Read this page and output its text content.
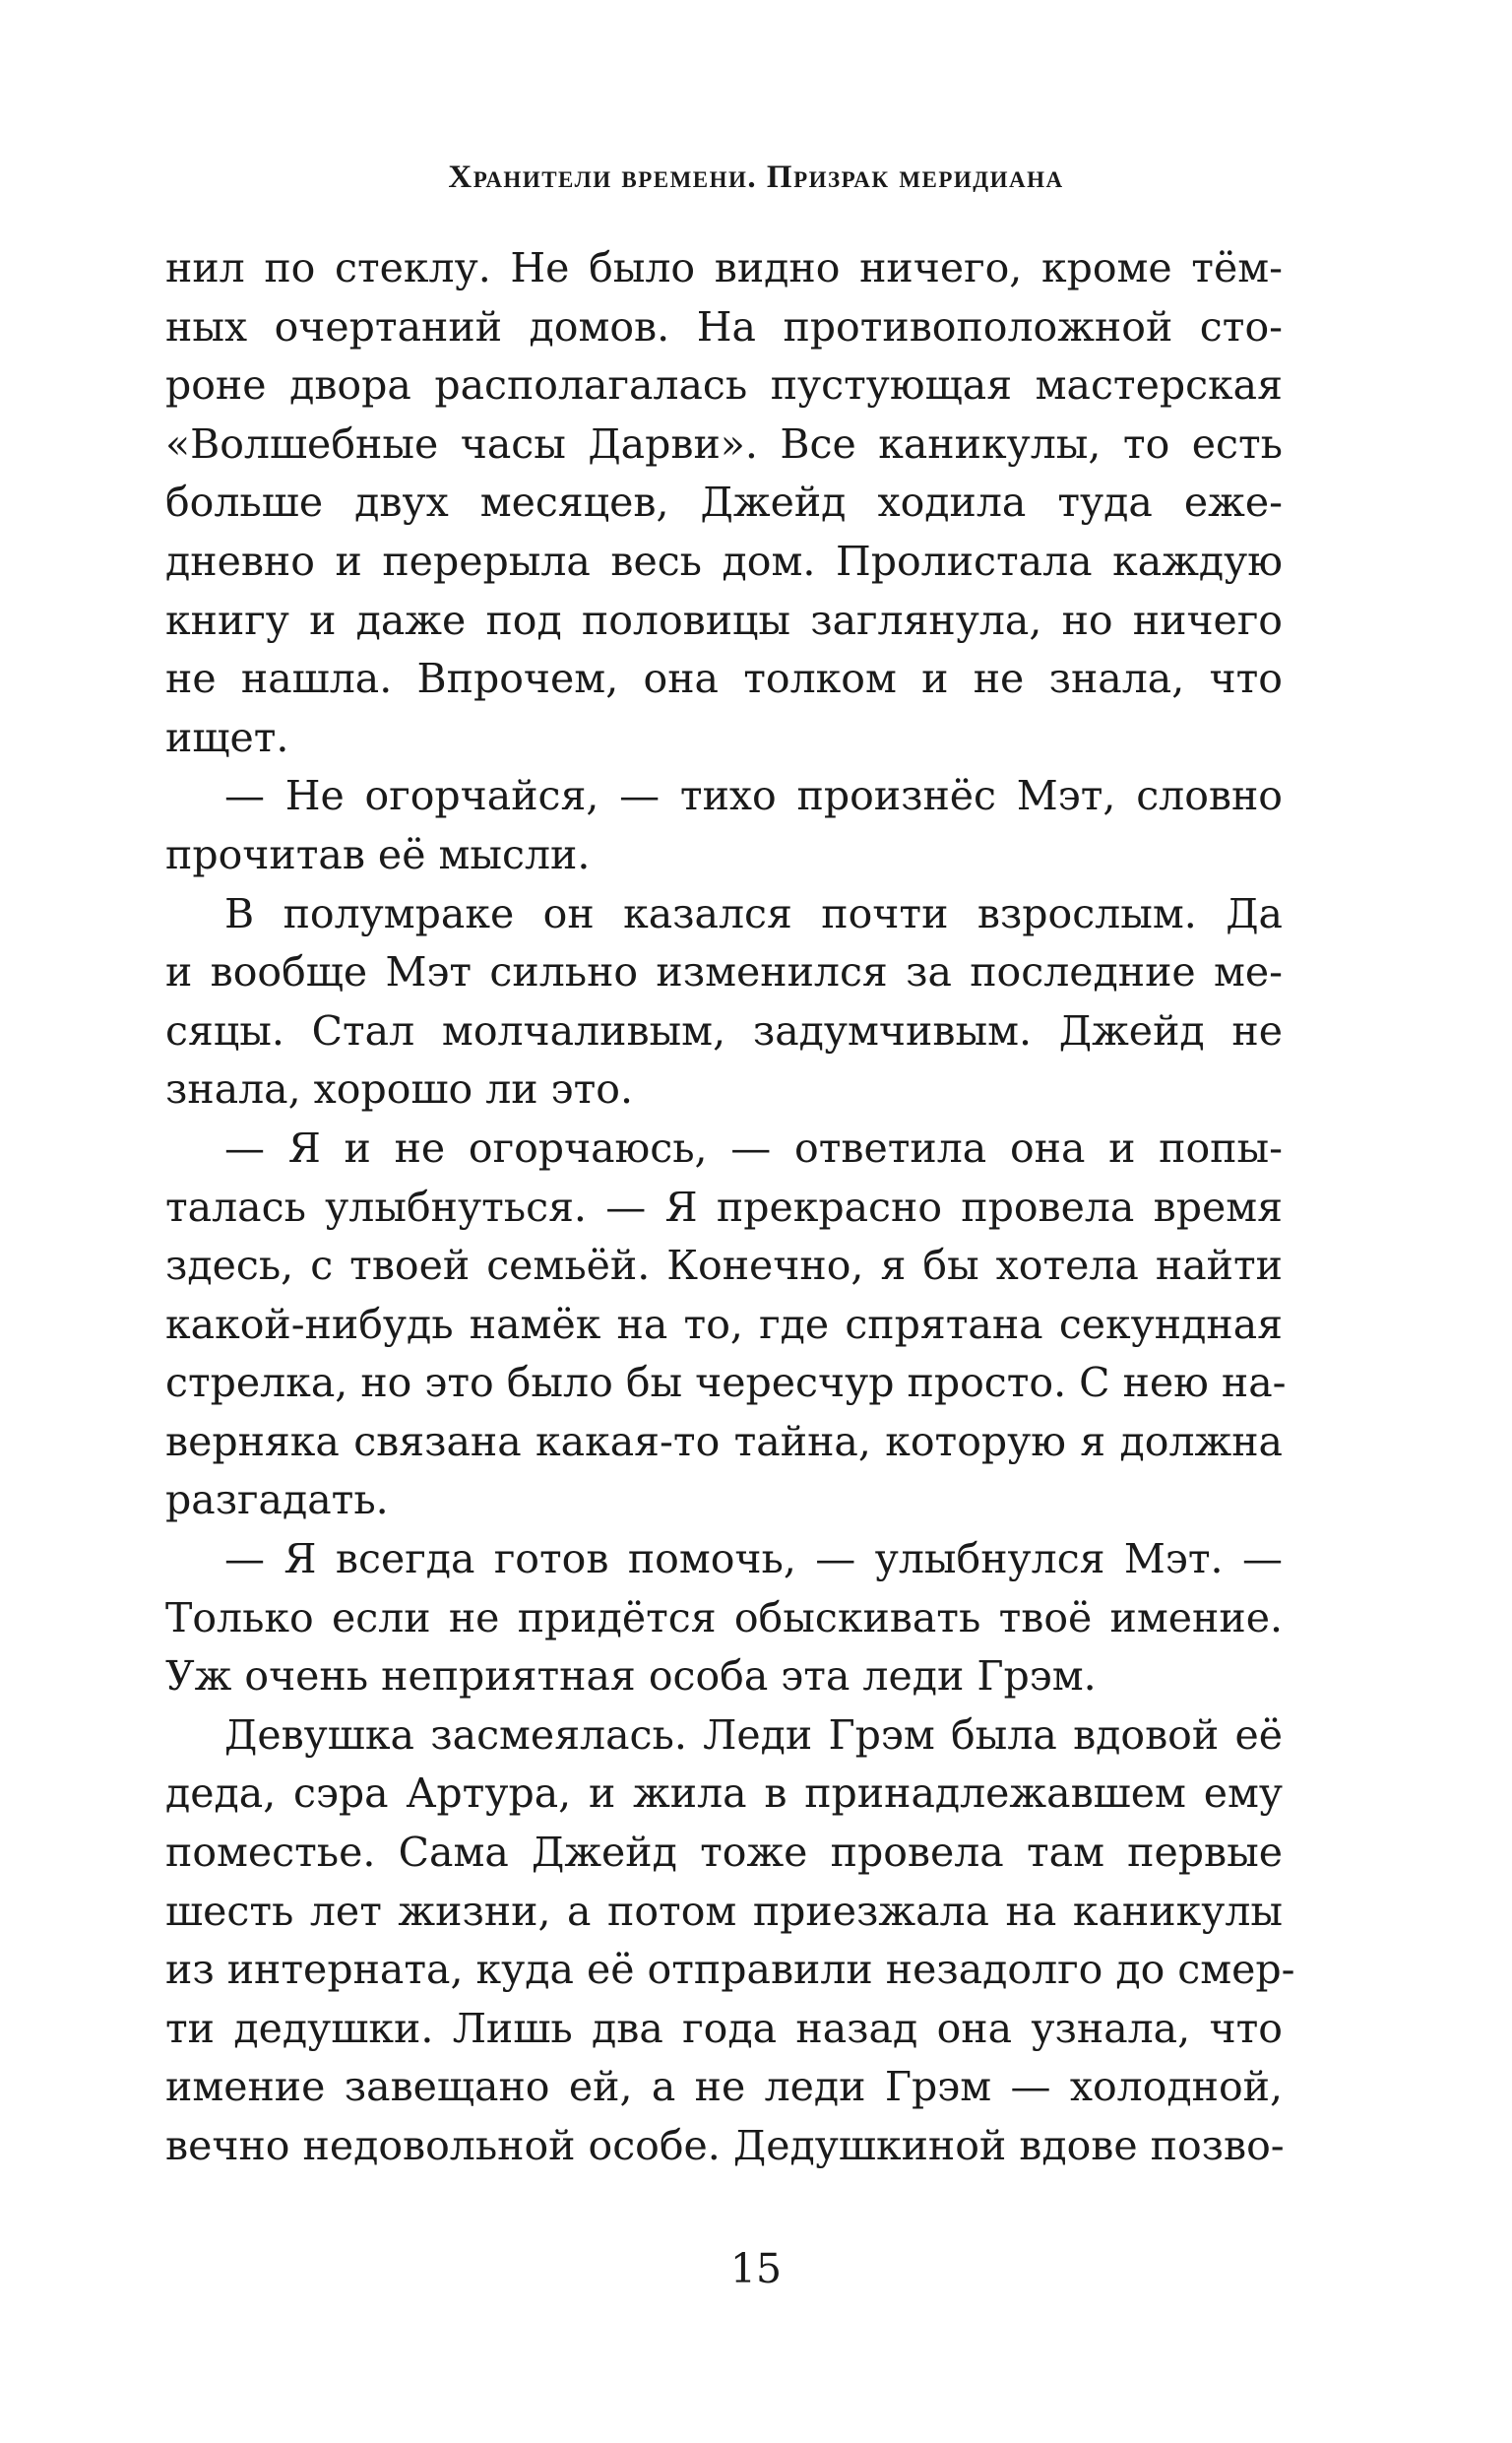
Хранители времени. Призрак меридиана
нил по стеклу. Не было видно ничего, кроме тём-
ных очертаний домов. На противоположной сто-
роне двора располагалась пустующая мастерская
«Волшебные часы Дарви». Все каникулы, то есть
больше двух месяцев, Джейд ходила туда еже-
дневно и перерыла весь дом. Пролистала каждую
книгу и даже под половицы заглянула, но ничего
не нашла. Впрочем, она толком и не знала, что
ищет.
— Не огорчайся, — тихо произнёс Мэт, словно
прочитав её мысли.
В полумраке он казался почти взрослым. Да
и вообще Мэт сильно изменился за последние ме-
сяцы. Стал молчаливым, задумчивым. Джейд не
знала, хорошо ли это.
— Я и не огорчаюсь, — ответила она и попы-
талась улыбнуться. — Я прекрасно провела время
здесь, с твоей семьёй. Конечно, я бы хотела найти
какой-нибудь намёк на то, где спрятана секундная
стрелка, но это было бы чересчур просто. С нею на-
верняка связана какая-то тайна, которую я должна
разгадать.
— Я всегда готов помочь, — улыбнулся Мэт. —
Только если не придётся обыскивать твоё имение.
Уж очень неприятная особа эта леди Грэм.
Девушка засмеялась. Леди Грэм была вдовой её
деда, сэра Артура, и жила в принадлежавшем ему
поместье. Сама Джейд тоже провела там первые
шесть лет жизни, а потом приезжала на каникулы
из интерната, куда её отправили незадолго до смер-
ти дедушки. Лишь два года назад она узнала, что
имение завещано ей, а не леди Грэм — холодной,
вечно недовольной особе. Дедушкиной вдове позво-
15
